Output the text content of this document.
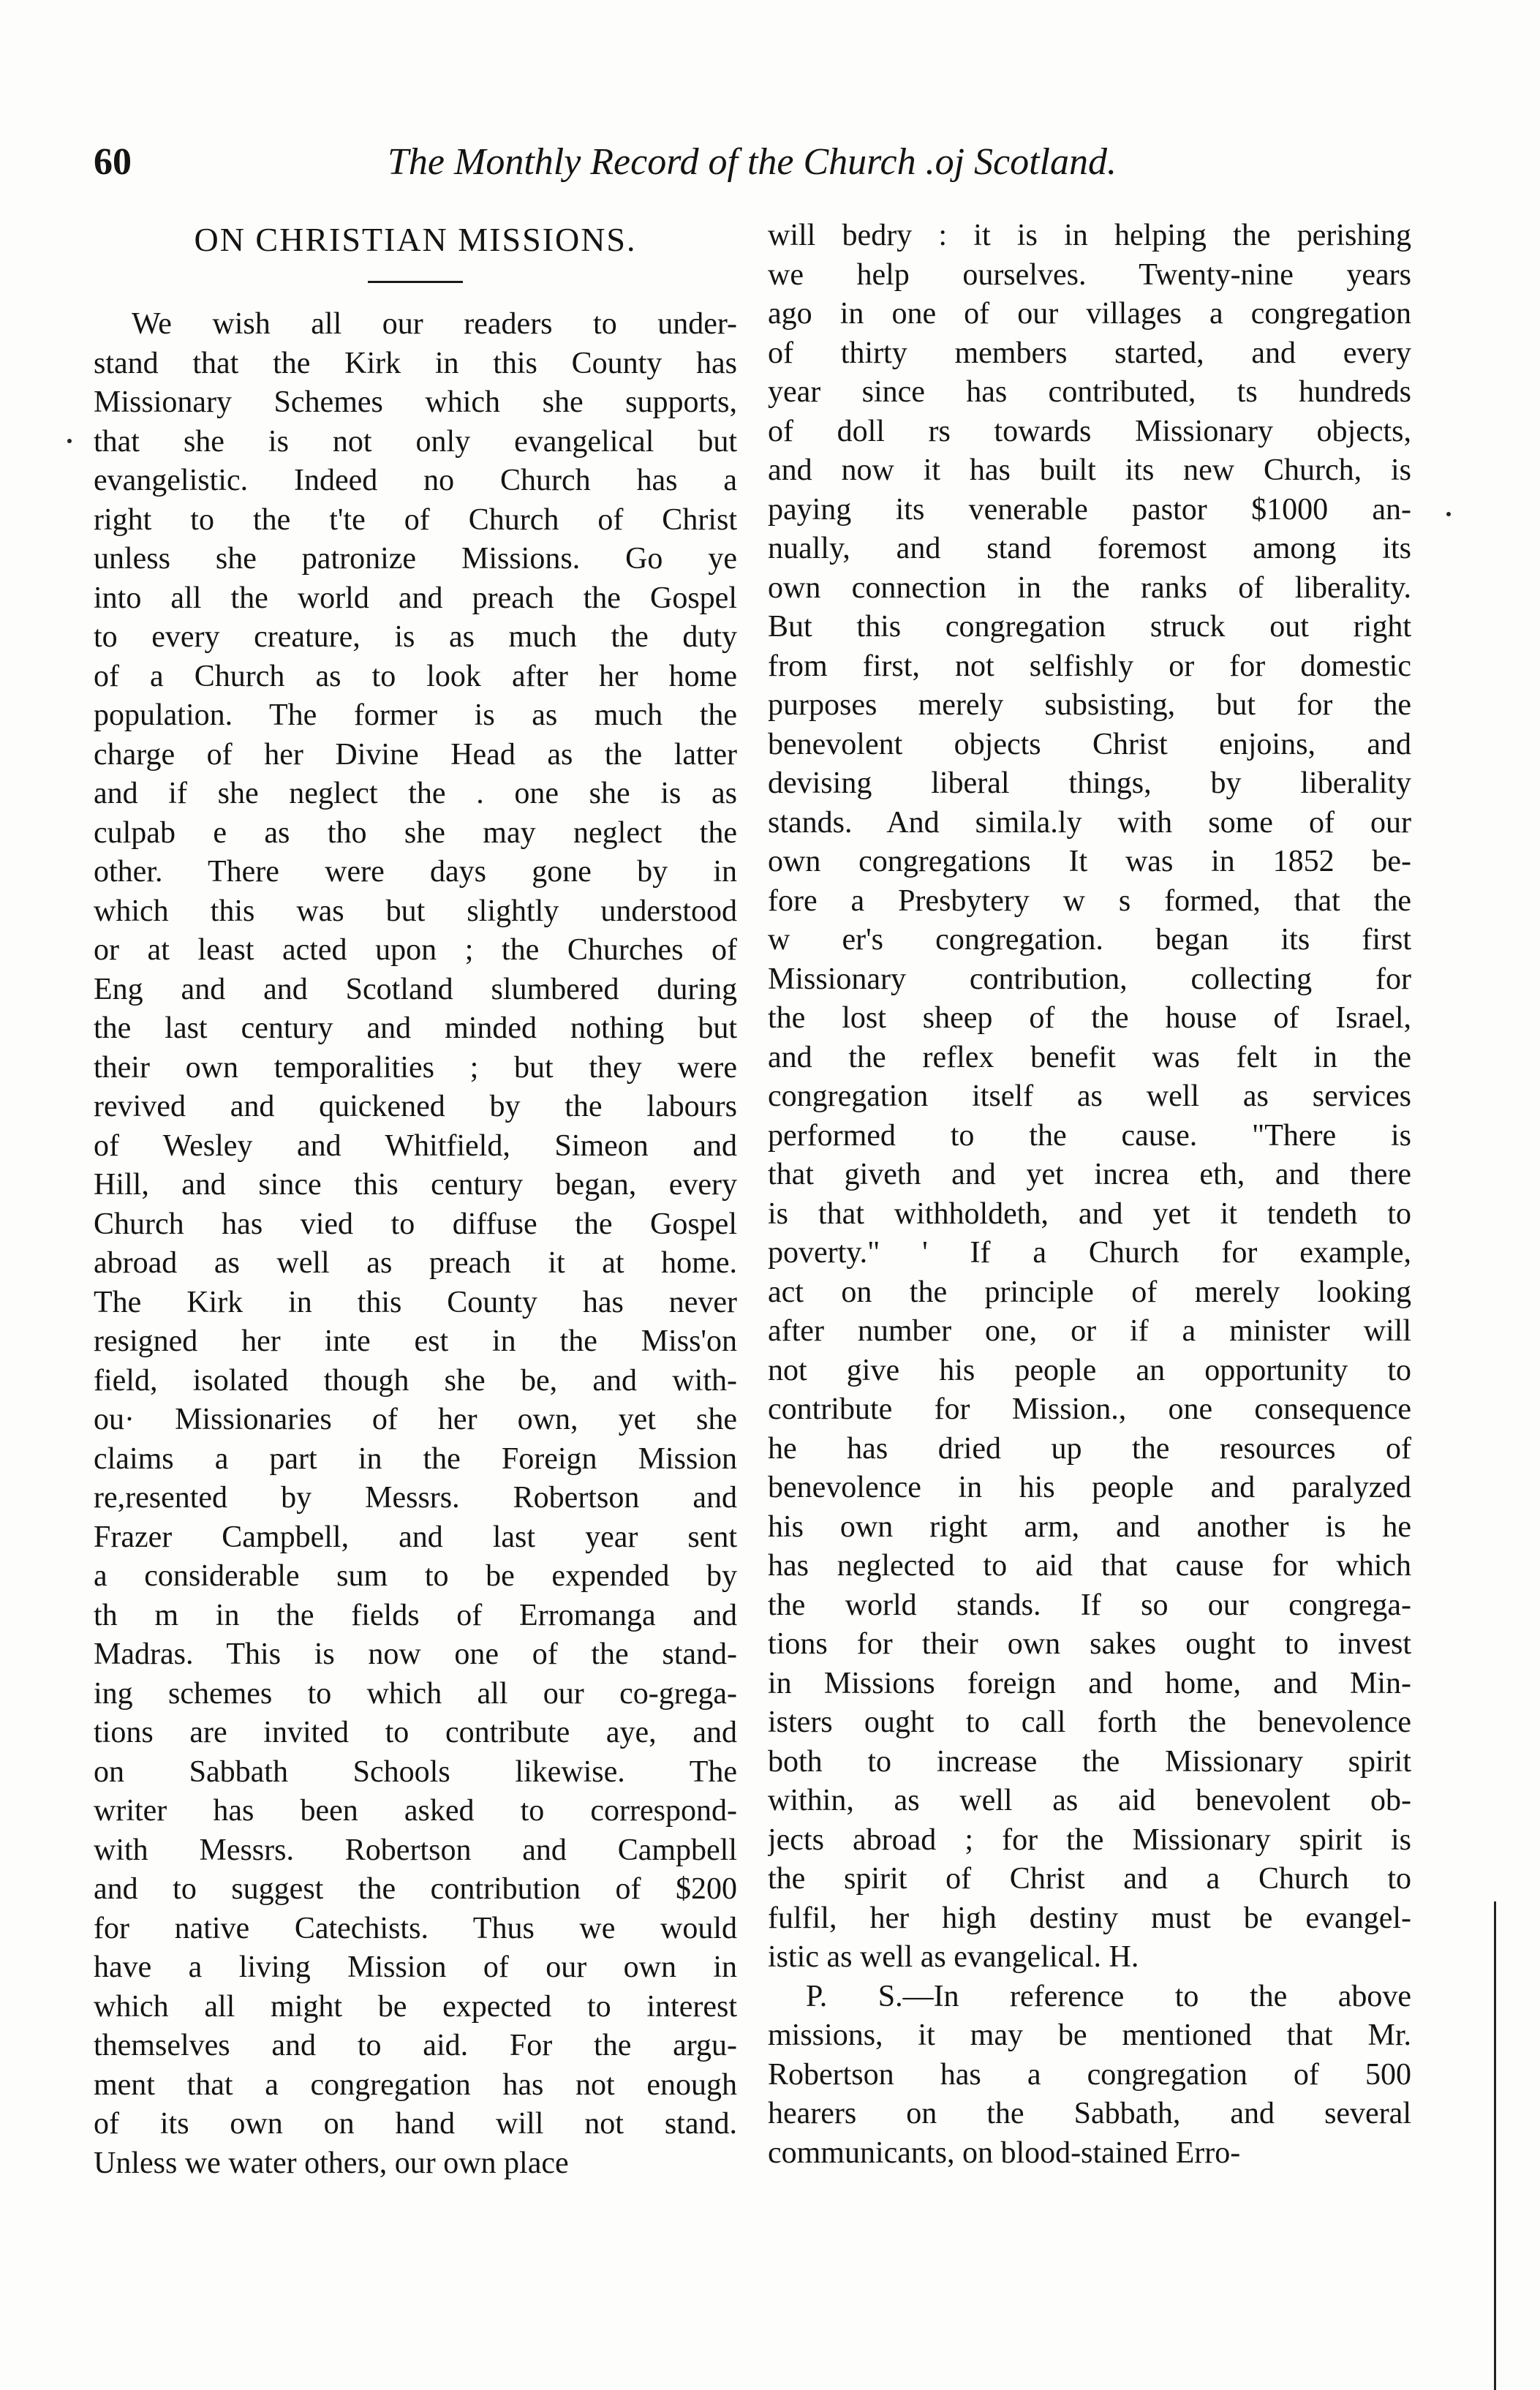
60	The Monthly Record of the Church .oj Scotland.
ON CHRISTIAN MISSIONS.
We wish all our readers to under-
stand that the Kirk in this County has
Missionary Schemes which she supports,
that she is not only evangelical but
evangelistic. Indeed no Church has a
right to the t'te of Church of Christ
unless she patronize Missions. Go ye
into all the world and preach the Gospel
to every creature, is as much the duty
of a Church as to look after her home
population. The former is as much the
charge of her Divine Head as the latter
and if she neglect the . one she is as
culpab e as tho she may neglect the
other. There were days gone by in
which this was but slightly understood
or at least acted upon ; the Churches of
Eng and and Scotland slumbered during
the last century and minded nothing but
their own temporalities ; but they were
revived and quickened by the labours
of Wesley and Whitfield, Simeon and
Hill, and since this century began, every
Church has vied to diffuse the Gospel
abroad as well as preach it at home.
The Kirk in this County has never
resigned her inte est in the Miss'on
field, isolated though she be, and with-
ou· Missionaries of her own, yet she
claims a part in the Foreign Mission
re,resented by Messrs. Robertson and
Frazer Campbell, and last year sent
a considerable sum to be expended by
th m in the fields of Erromanga and
Madras. This is now one of the stand-
ing schemes to which all our co-grega-
tions are invited to contribute aye, and
on Sabbath Schools likewise. The
writer has been asked to correspond-
with Messrs. Robertson and Campbell
and to suggest the contribution of $200
for native Catechists. Thus we would
have a living Mission of our own in
which all might be expected to interest
themselves and to aid. For the argu-
ment that a congregation has not enough
of its own on hand will not stand.
Unless we water others, our own place
will bedry : it is in helping the perishing
we help ourselves. Twenty-nine years
ago in one of our villages a congregation
of thirty members started, and every
year since has contributed, ts hundreds
of doll rs towards Missionary objects,
and now it has built its new Church, is
paying its venerable pastor $1000 an-
nually, and stand foremost among its
own connection in the ranks of liberality.
But this congregation struck out right
from first, not selfishly or for domestic
purposes merely subsisting, but for the
benevolent objects Christ enjoins, and
devising liberal things, by liberality
stands. And simila.ly with some of our
own congregations It was in 1852 be-
fore a Presbytery w s formed, that the
w er's congregation. began its first
Missionary contribution, collecting for
the lost sheep of the house of Israel,
and the reflex benefit was felt in the
congregation itself as well as services
performed to the cause. "There is
that giveth and yet increa eth, and there
is that withholdeth, and yet it tendeth to
poverty." ' If a Church for example,
act on the principle of merely looking
after number one, or if a minister will
not give his people an opportunity to
contribute for Mission., one consequence
he has dried up the resources of
benevolence in his people and paralyzed
his own right arm, and another is he
has neglected to aid that cause for which
the world stands. If so our congrega-
tions for their own sakes ought to invest
in Missions foreign and home, and Min-
isters ought to call forth the benevolence
both to increase the Missionary spirit
within, as well as aid benevolent ob-
jects abroad ; for the Missionary spirit is
the spirit of Christ and a Church to
fulfil, her high destiny must be evangel-
istic as well as evangelical. H.
P. S.—In reference to the above
missions, it may be mentioned that Mr.
Robertson has a congregation of 500
hearers on the Sabbath, and several
communicants, on blood-stained Erro-
